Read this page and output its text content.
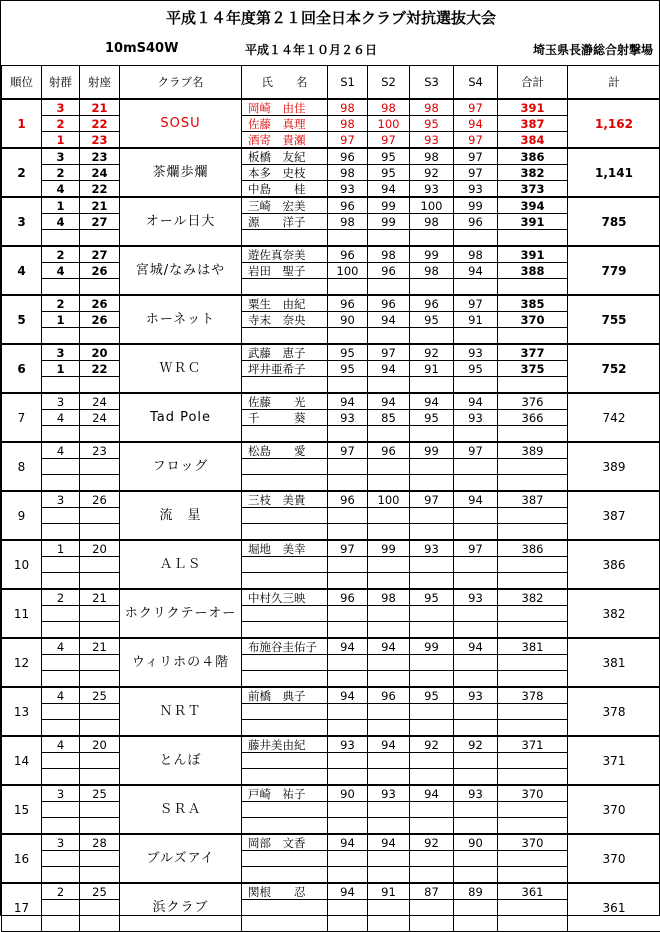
平成１４年度第２１回全日本クラブ対抗選抜大会
10mS40W	平成１４年１０月２６日	埼玉県長瀞総合射撃場
順位	射群	射座	クラブ名	氏　　名	S1	S2	S3	S4	合計	計
1	3	21	SOSU	岡崎　由佳	98	98	98	97	391	1,162
	2	22		佐藤　真理	98	100	95	94	387	
	1	23		酒寄　貴瀬	97	97	93	97	384	
2	3	23	茶爛歩爛	板橋　友紀	96	95	98	97	386	1,141
	2	24		本多　史枝	98	95	92	97	382	
	4	22		中島　　桂	93	94	93	93	373	
3	1	21	オール日大	三崎　宏美	96	99	100	99	394	785
	4	27		源　　洋子	98	99	98	96	391	

4	2	27	宮城/なみはや	遊佐真奈美	96	98	99	98	391	779
	4	26		岩田　聖子	100	96	98	94	388	

5	2	26	ホーネット	粟生　由紀	96	96	96	97	385	755
	1	26		寺末　奈央	90	94	95	91	370	

6	3	20	ＷＲＣ	武藤　恵子	95	97	92	93	377	752
	1	22		坪井亜希子	95	94	91	95	375	

7	3	24	Tad Pole	佐藤　　光	94	94	94	94	376	742
	4	24		千　　　葵	93	85	95	93	366	

8	4	23	フロッグ	松島　　愛	97	96	99	97	389	389

9	3	26	流　星	三枝　美貴	96	100	97	94	387	387

10	1	20	ＡＬＳ	堀地　美幸	97	99	93	97	386	386

11	2	21	ホクリクテーオー	中村久三映	96	98	95	93	382	382

12	4	21	ウィリホの４階	布施谷圭佑子	94	94	99	94	381	381

13	4	25	ＮＲＴ	前橋　典子	94	96	95	93	378	378

14	4	20	とんぼ	藤井美由紀	93	94	92	92	371	371

15	3	25	ＳＲＡ	戸崎　祐子	90	93	94	93	370	370

16	3	28	ブルズアイ	岡部　文香	94	94	92	90	370	370

17	2	25	浜クラブ	関根　　忍	94	91	87	89	361	361
